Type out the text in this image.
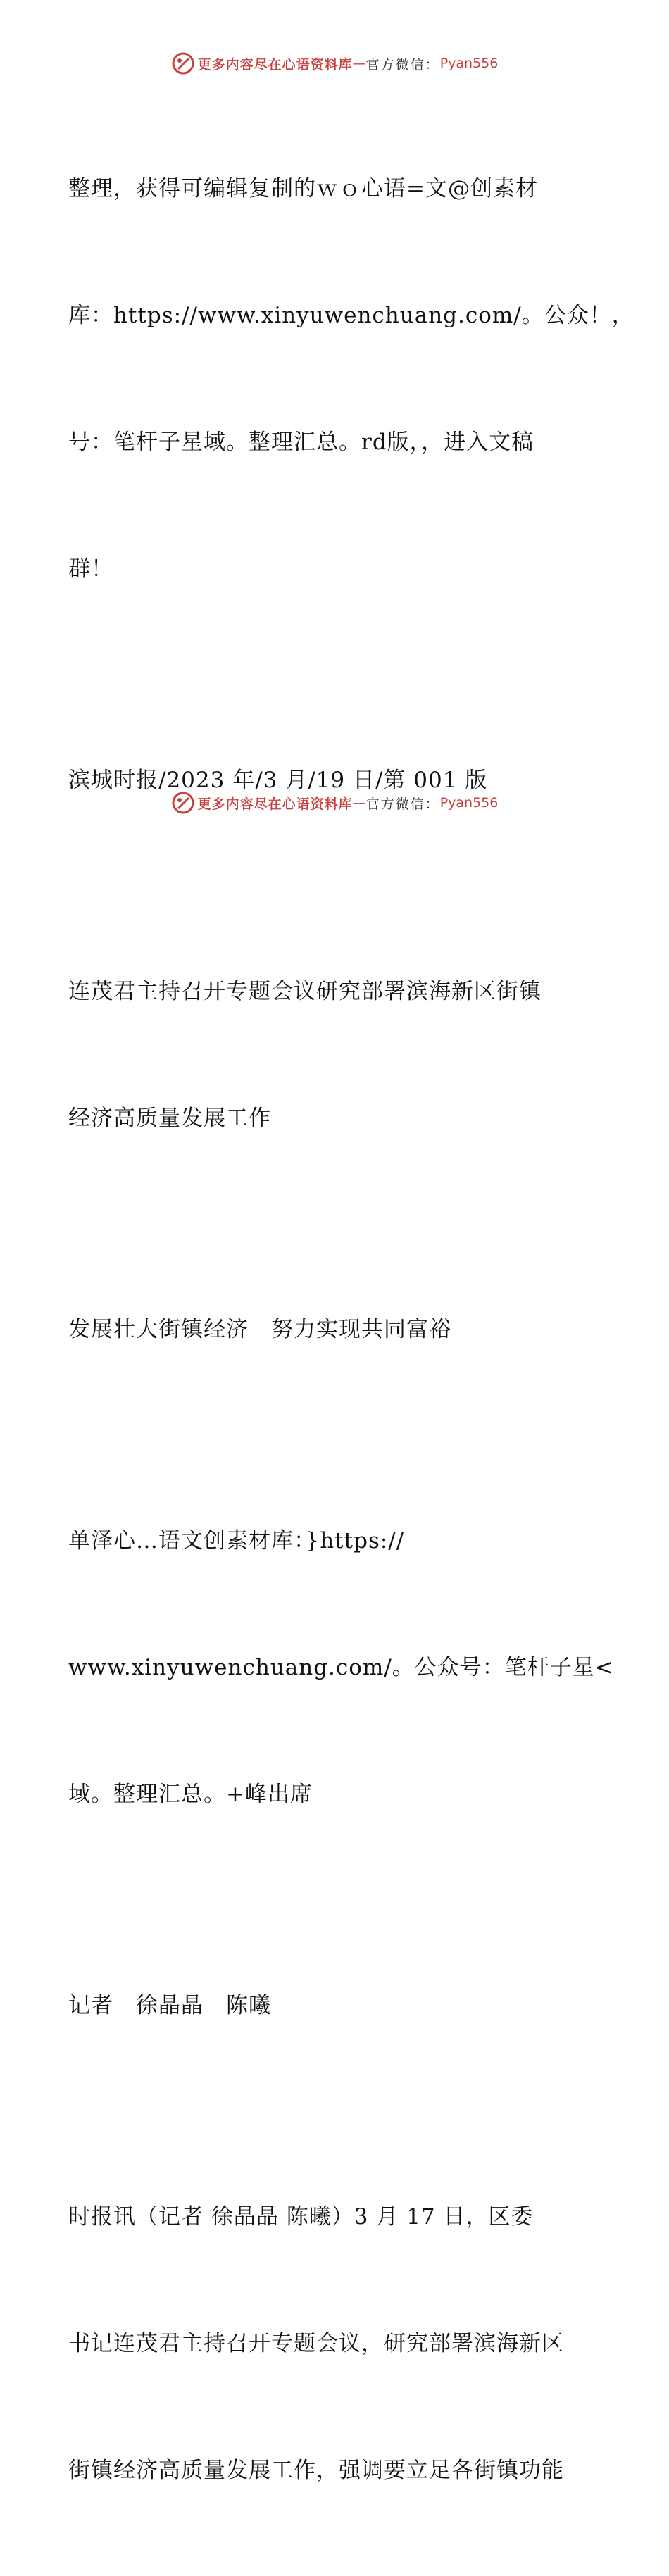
更多内容尽在心语资料库 — 官方微信： Pyan556

整理，获得可编辑复制的ｗｏ心语=文@创素材

库：https://www.xinyuwenchuang.com/。公众！，

号：笔杆子星域。整理汇总。rd版，，进入文稿

群！

滨城时报/2023 年/3 月/19 日/第 001 版

连茂君主持召开专题会议研究部署滨海新区街镇

经济高质量发展工作

发展壮大街镇经济　努力实现共同富裕

单泽心…语文创素材库：}https://

www.xinyuwenchuang.com/。公众号：笔杆子星<

域。整理汇总。+峰出席

记者　徐晶晶　陈曦

时报讯（记者 徐晶晶 陈曦）3 月 17 日，区委

书记连茂君主持召开专题会议，研究部署滨海新区

街镇经济高质量发展工作，强调要立足各街镇功能

更多内容尽在心语资料库 — 官方微信： Pyan556
